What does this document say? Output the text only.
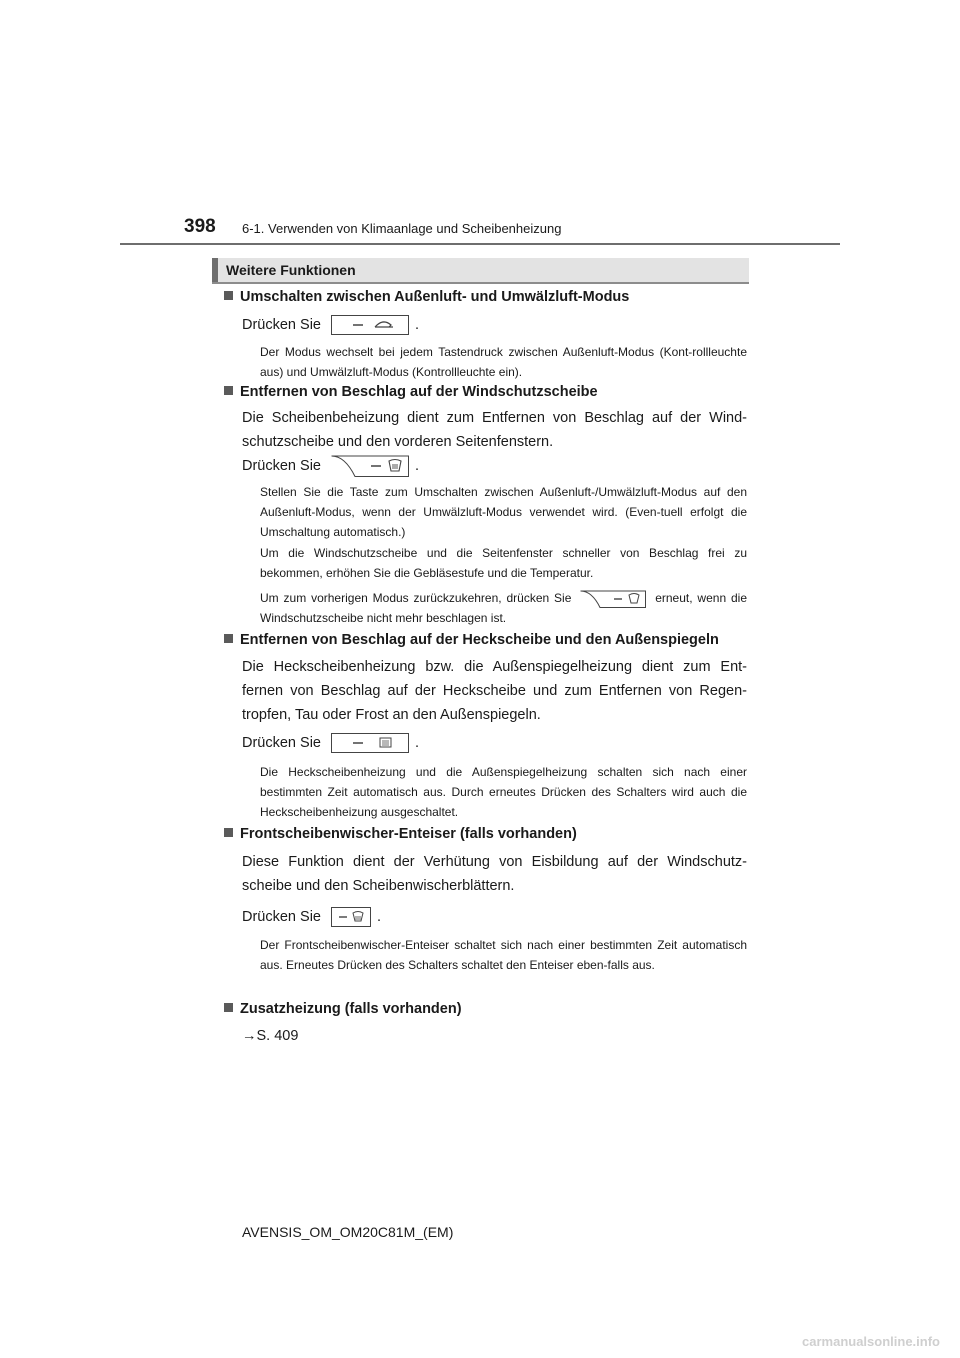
398 6-1. Verwenden von Klimaanlage und Scheibenheizung
Weitere Funktionen
Umschalten zwischen Außenluft- und Umwälzluft-Modus
Drücken Sie	.
Der Modus wechselt bei jedem Tastendruck zwischen Außenluft-Modus (Kont-rollleuchte aus) und Umwälzluft-Modus (Kontrollleuchte ein).
Entfernen von Beschlag auf der Windschutzscheibe
Die Scheibenbeheizung dient zum Entfernen von Beschlag auf der Wind-schutzscheibe und den vorderen Seitenfenstern.
Drücken Sie	.
Stellen Sie die Taste zum Umschalten zwischen Außenluft-/Umwälzluft-Modus auf den Außenluft-Modus, wenn der Umwälzluft-Modus verwendet wird. (Even-tuell erfolgt die Umschaltung automatisch.)
Um die Windschutzscheibe und die Seitenfenster schneller von Beschlag frei zu bekommen, erhöhen Sie die Gebläsestufe und die Temperatur.
Um zum vorherigen Modus zurückzukehren, drücken Sie	erneut, wenn die Windschutzscheibe nicht mehr beschlagen ist.
Entfernen von Beschlag auf der Heckscheibe und den Außenspiegeln
Die Heckscheibenheizung bzw. die Außenspiegelheizung dient zum Ent-fernen von Beschlag auf der Heckscheibe und zum Entfernen von Regen-tropfen, Tau oder Frost an den Außenspiegeln.
Drücken Sie	.
Die Heckscheibenheizung und die Außenspiegelheizung schalten sich nach einer bestimmten Zeit automatisch aus. Durch erneutes Drücken des Schalters wird auch die Heckscheibenheizung ausgeschaltet.
Frontscheibenwischer-Enteiser (falls vorhanden)
Diese Funktion dient der Verhütung von Eisbildung auf der Windschutz-scheibe und den Scheibenwischerblättern.
Drücken Sie	.
Der Frontscheibenwischer-Enteiser schaltet sich nach einer bestimmten Zeit automatisch aus. Erneutes Drücken des Schalters schaltet den Enteiser eben-falls aus.
Zusatzheizung (falls vorhanden)
→S. 409
AVENSIS_OM_OM20C81M_(EM)
carmanualsonline.info
